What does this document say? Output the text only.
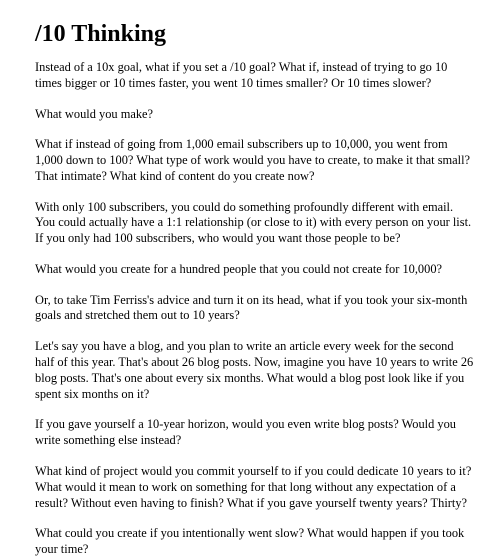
/10 Thinking

Instead of a 10x goal, what if you set a /10 goal? What if, instead of trying to go 10 times bigger or 10 times faster, you went 10 times smaller? Or 10 times slower?

What would you make?

What if instead of going from 1,000 email subscribers up to 10,000, you went from 1,000 down to 100? What type of work would you have to create, to make it that small? That intimate? What kind of content do you create now?

With only 100 subscribers, you could do something profoundly different with email. You could actually have a 1:1 relationship (or close to it) with every person on your list. If you only had 100 subscribers, who would you want those people to be?

What would you create for a hundred people that you could not create for 10,000?

Or, to take Tim Ferriss's advice and turn it on its head, what if you took your six-month goals and stretched them out to 10 years?

Let's say you have a blog, and you plan to write an article every week for the second half of this year. That's about 26 blog posts. Now, imagine you have 10 years to write 26 blog posts. That's one about every six months. What would a blog post look like if you spent six months on it?

If you gave yourself a 10-year horizon, would you even write blog posts? Would you write something else instead?

What kind of project would you commit yourself to if you could dedicate 10 years to it? What would it mean to work on something for that long without any expectation of a result? Without even having to finish? What if you gave yourself twenty years? Thirty?

What could you create if you intentionally went slow? What would happen if you took your time?
